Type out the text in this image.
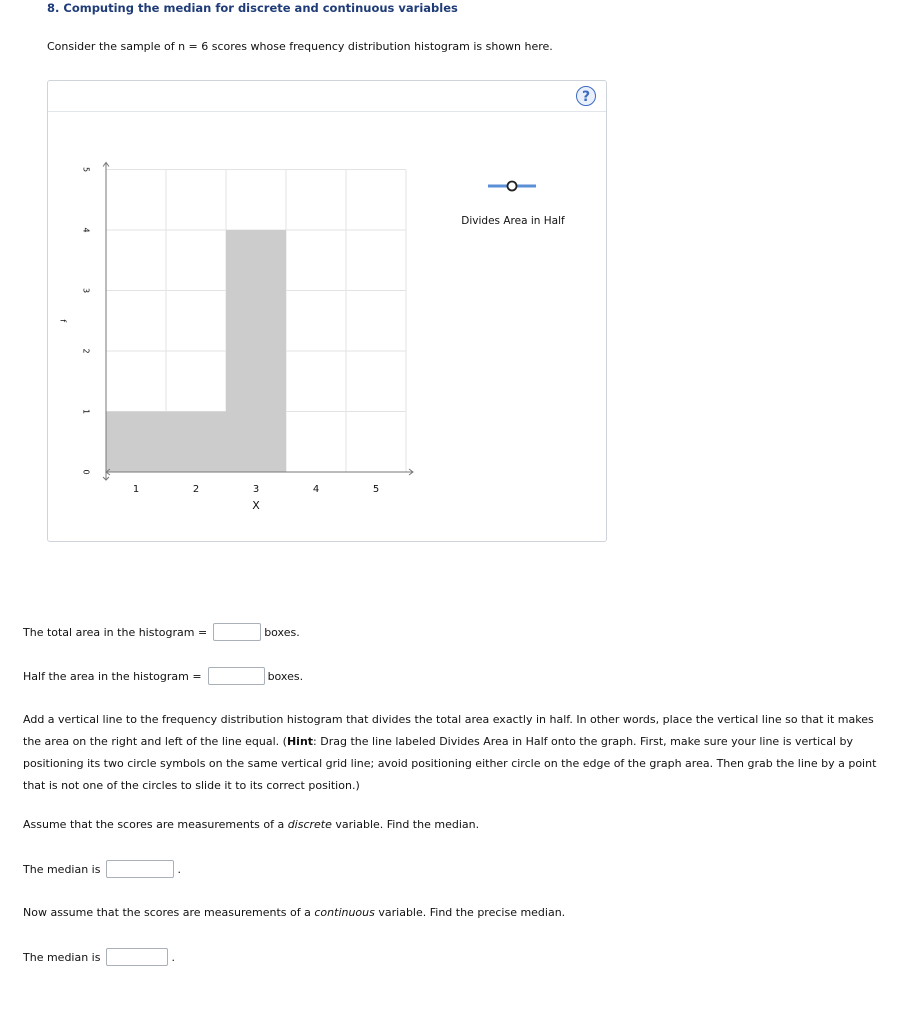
8. Computing the median for discrete and continuous variables
Consider the sample of n = 6 scores whose frequency distribution histogram is shown here.
?
1	2	3	4	5
0
1
2
3
4
5
X
f
Divides Area in Half
The total area in the histogram =	boxes.
Half the area in the histogram =	boxes.
Add a vertical line to the frequency distribution histogram that divides the total area exactly in half. In other words, place the vertical line so that it makes the area on the right and left of the line equal. (Hint: Drag the line labeled Divides Area in Half onto the graph. First, make sure your line is vertical by positioning its two circle symbols on the same vertical grid line; avoid positioning either circle on the edge of the graph area. Then grab the line by a point that is not one of the circles to slide it to its correct position.)
Assume that the scores are measurements of a discrete variable. Find the median.
The median is	.
Now assume that the scores are measurements of a continuous variable. Find the precise median.
The median is	.
